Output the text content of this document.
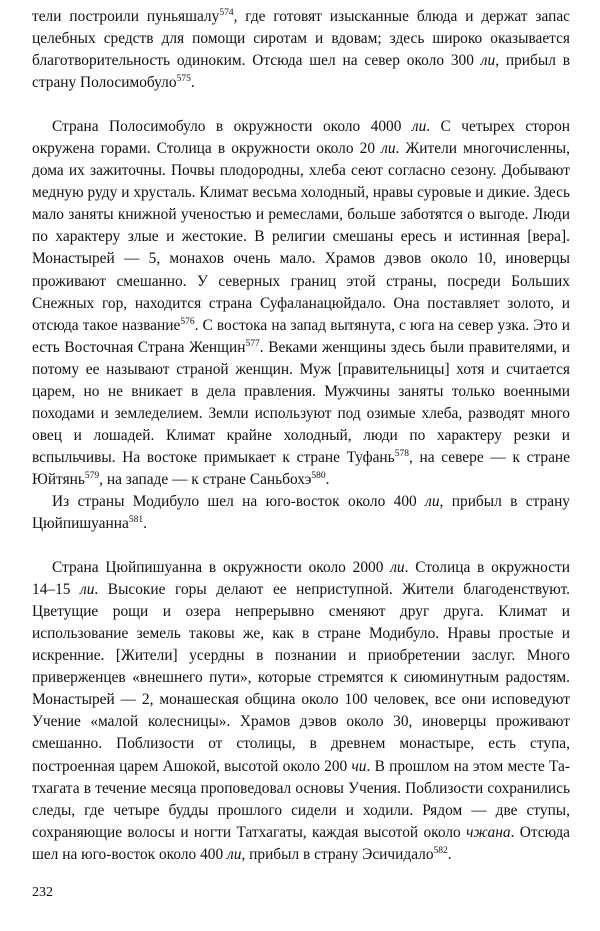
тели построили пуньяшалу$^{574}$, где готовят изысканные блюда и держат запас целебных средств для помощи сиротам и вдовам; здесь широко оказывается благотворительность одиноким. Отсюда шел на север около 300 ли, прибыл в страну Полосимобуло$^{575}$.

Страна Полосимобуло в окружности около 4000 ли. С четырех сторон окружена горами. Столица в окружности около 20 ли. Жители многочисленны, дома их зажиточны. Почвы плодородны, хлеба сеют согласно сезону. Добывают медную руду и хрусталь. Климат весьма холодный, нравы суровые и дикие. Здесь мало заняты книжной ученостью и ремеслами, больше заботятся о выгоде. Люди по характеру злые и жестокие. В религии смешаны ересь и истинная [вера]. Монастырей — 5, монахов очень мало. Храмов дэвов около 10, иноверцы проживают смешанно. У северных границ этой страны, посреди Больших Снежных гор, находится страна Суфаланацюйдало. Она поставляет золото, и отсюда такое название$^{576}$. С востока на запад вытянута, с юга на север узка. Это и есть Восточная Страна Женщин$^{577}$. Веками женщины здесь были правителями, и потому ее называют страной женщин. Муж [правительницы] хотя и считается царем, но не вникает в дела правления. Мужчины заняты только военными походами и земледелием. Земли используют под озимые хлеба, разводят много овец и лошадей. Климат крайне холодный, люди по характеру резки и вспыльчивы. На востоке примыкает к стране Туфань$^{578}$, на севере — к стране Юйтянь$^{579}$, на западе — к стране Саньбохэ$^{580}$.

Из страны Модибуло шел на юго-восток около 400 ли, прибыл в страну Цюйпишуанна$^{581}$.

Страна Цюйпишуанна в окружности около 2000 ли. Столица в окружности 14–15 ли. Высокие горы делают ее неприступной. Жители благоденствуют. Цветущие рощи и озера непрерывно сменяют друг друга. Климат и использование земель таковы же, как в стране Модибуло. Нравы простые и искренние. [Жители] усердны в познании и приобретении заслуг. Много приверженцев «внешнего пути», которые стремятся к сиюминутным радостям. Монастырей — 2, монашеская община около 100 человек, все они исповедуют Учение «малой колесницы». Храмов дэвов около 30, иноверцы проживают смешанно. Поблизости от столицы, в древнем монастыре, есть ступа, построенная царем Ашокой, высотой около 200 чи. В прошлом на этом месте Татхагата в течение месяца проповедовал основы Учения. Поблизости сохранились следы, где четыре будды прошлого сидели и ходили. Рядом — две ступы, сохраняющие волосы и ногти Татхагаты, каждая высотой около чжана. Отсюда шел на юго-восток около 400 ли, прибыл в страну Эсичидало$^{582}$.

232
